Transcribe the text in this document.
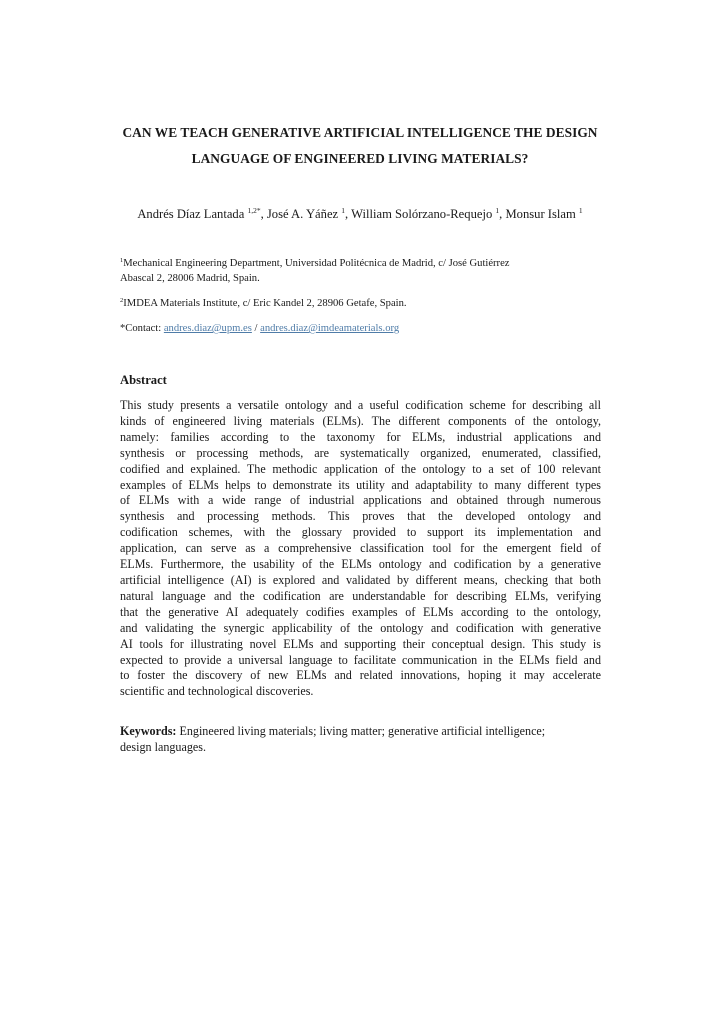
CAN WE TEACH GENERATIVE ARTIFICIAL INTELLIGENCE THE DESIGN
LANGUAGE OF ENGINEERED LIVING MATERIALS?
Andrés Díaz Lantada $^{1,2*}$, José A. Yáñez $^1$, William Solórzano-Requejo $^1$, Monsur Islam $^1$
$^1$Mechanical Engineering Department, Universidad Politécnica de Madrid, c/ José Gutiérrez
Abascal 2, 28006 Madrid, Spain.
$^2$IMDEA Materials Institute, c/ Eric Kandel 2, 28906 Getafe, Spain.
*Contact: andres.diaz@upm.es / andres.diaz@imdeamaterials.org
Abstract
This study presents a versatile ontology and a useful codification scheme for describing all
kinds of engineered living materials (ELMs). The different components of the ontology,
namely: families according to the taxonomy for ELMs, industrial applications and
synthesis or processing methods, are systematically organized, enumerated, classified,
codified and explained. The methodic application of the ontology to a set of 100 relevant
examples of ELMs helps to demonstrate its utility and adaptability to many different types
of ELMs with a wide range of industrial applications and obtained through numerous
synthesis and processing methods. This proves that the developed ontology and
codification schemes, with the glossary provided to support its implementation and
application, can serve as a comprehensive classification tool for the emergent field of
ELMs. Furthermore, the usability of the ELMs ontology and codification by a generative
artificial intelligence (AI) is explored and validated by different means, checking that both
natural language and the codification are understandable for describing ELMs, verifying
that the generative AI adequately codifies examples of ELMs according to the ontology,
and validating the synergic applicability of the ontology and codification with generative
AI tools for illustrating novel ELMs and supporting their conceptual design. This study is
expected to provide a universal language to facilitate communication in the ELMs field and
to foster the discovery of new ELMs and related innovations, hoping it may accelerate
scientific and technological discoveries.
Keywords: Engineered living materials; living matter; generative artificial intelligence;
design languages.
